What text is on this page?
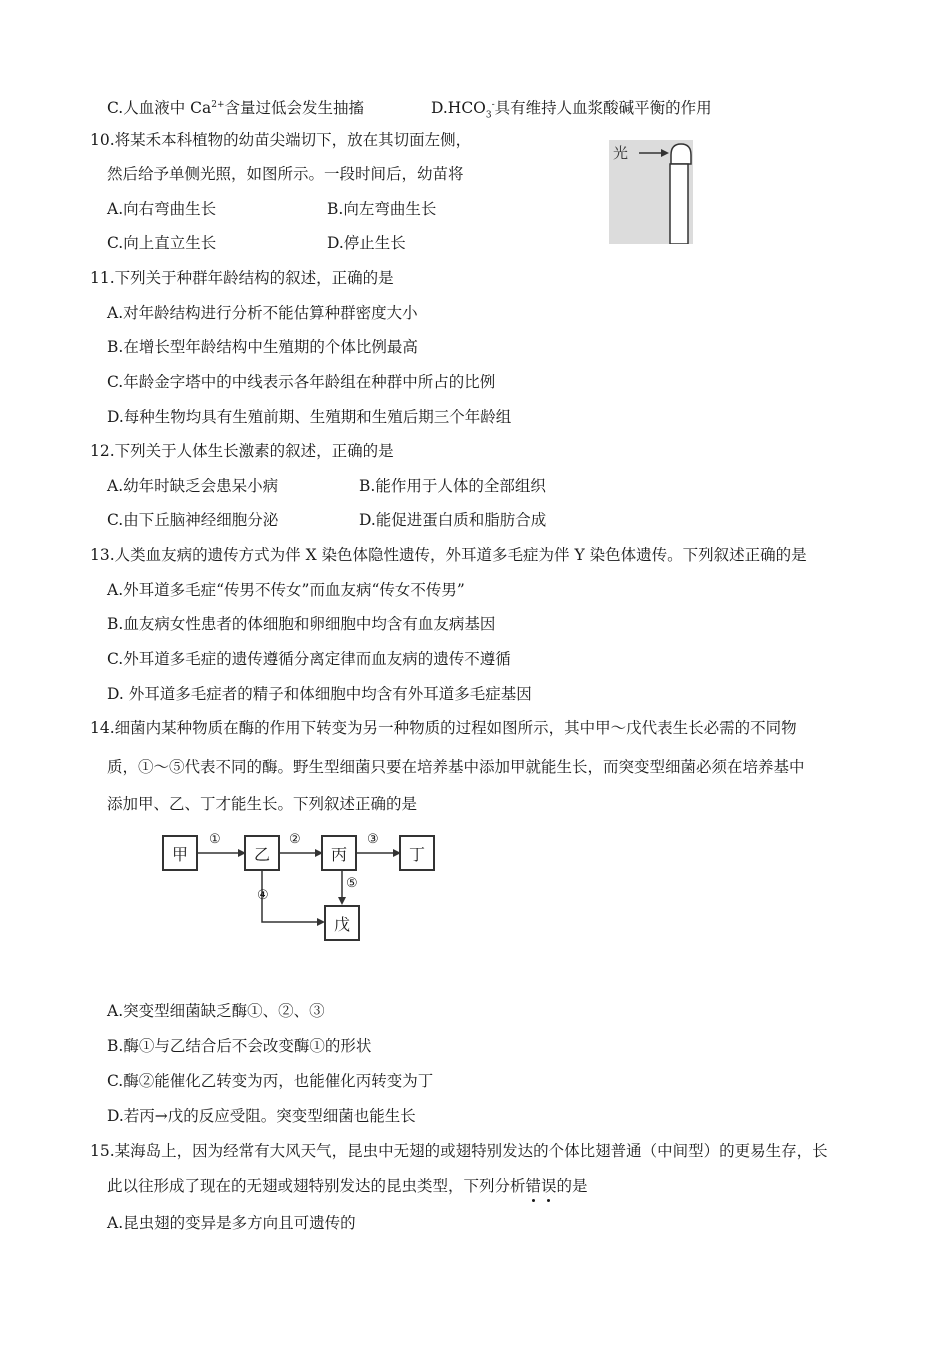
C.人血液中 $Ca^{2+}$含量过低会发生抽搐	$D.HCO_3^-$具有维持人血浆酸碱平衡的作用
10.将某禾本科植物的幼苗尖端切下，放在其切面左侧，
然后给予单侧光照，如图所示。一段时间后，幼苗将
A.向右弯曲生长	B.向左弯曲生长
C.向上直立生长	D.停止生长
光
11.下列关于种群年龄结构的叙述，正确的是
A.对年龄结构进行分析不能估算种群密度大小
B.在增长型年龄结构中生殖期的个体比例最高
C.年龄金字塔中的中线表示各年龄组在种群中所占的比例
D.每种生物均具有生殖前期、生殖期和生殖后期三个年龄组
12.下列关于人体生长激素的叙述，正确的是
A.幼年时缺乏会患呆小病	B.能作用于人体的全部组织
C.由下丘脑神经细胞分泌	D.能促进蛋白质和脂肪合成
13.人类血友病的遗传方式为伴 X 染色体隐性遗传，外耳道多毛症为伴 Y 染色体遗传。下列叙述正确的是
A.外耳道多毛症“传男不传女”而血友病“传女不传男”
B.血友病女性患者的体细胞和卵细胞中均含有血友病基因
C.外耳道多毛症的遗传遵循分离定律而血友病的遗传不遵循
D. 外耳道多毛症者的精子和体细胞中均含有外耳道多毛症基因
14.细菌内某种物质在酶的作用下转变为另一种物质的过程如图所示，其中甲～戊代表生长必需的不同物
质，①～⑤代表不同的酶。野生型细菌只要在培养基中添加甲就能生长，而突变型细菌必须在培养基中
添加甲、乙、丁才能生长。下列叙述正确的是
甲	乙	丙	丁
戊
①	②	③
④
⑤
A.突变型细菌缺乏酶①、②、③
B.酶①与乙结合后不会改变酶①的形状
C.酶②能催化乙转变为丙，也能催化丙转变为丁
D.若丙→戊的反应受阻。突变型细菌也能生长
15.某海岛上，因为经常有大风天气，昆虫中无翅的或翅特别发达的个体比翅普通（中间型）的更易生存，长
此以往形成了现在的无翅或翅特别发达的昆虫类型，下列分析错
误
的是
A.昆虫翅的变异是多方向且可遗传的
